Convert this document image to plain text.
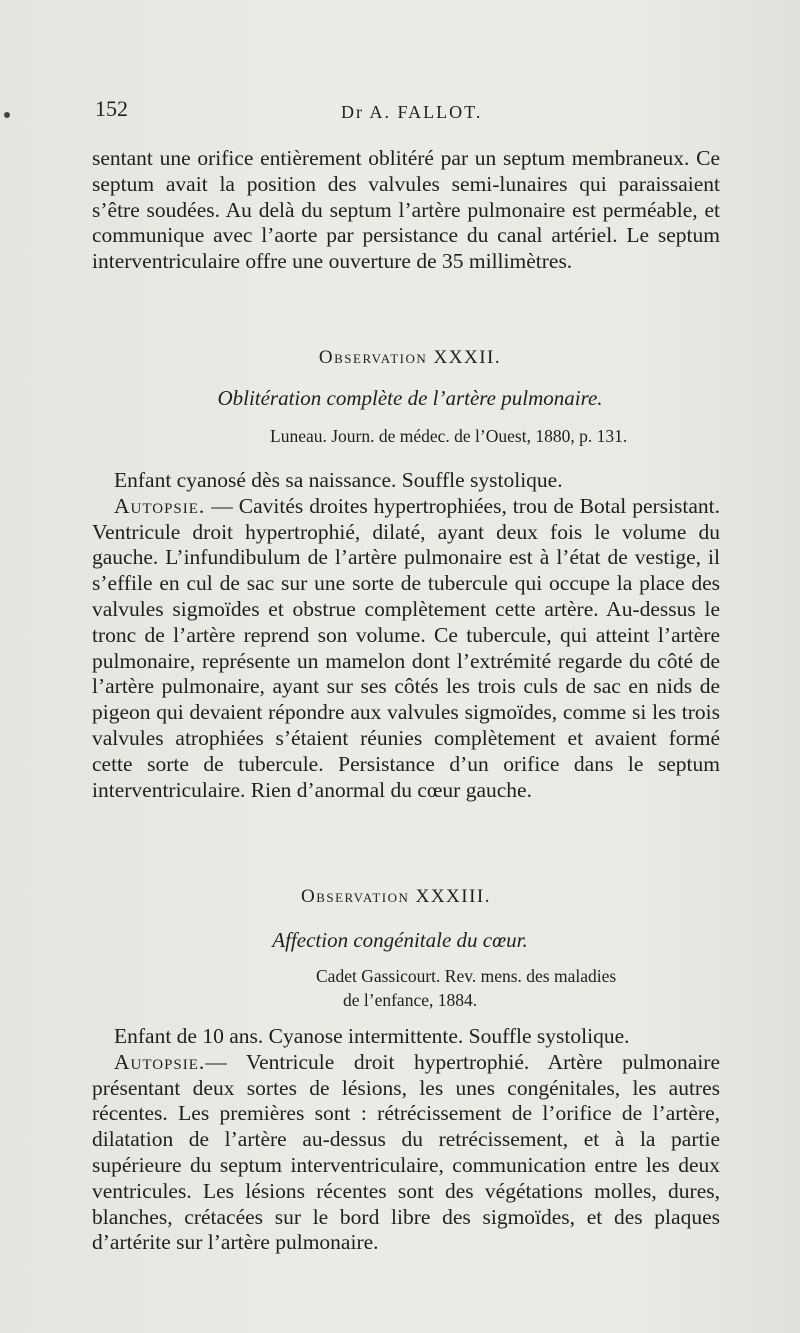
152	Dr A. FALLOT.

sentant une orifice entièrement oblitéré par un septum membraneux. Ce septum avait la position des valvules semi-lunaires qui paraissaient s’être soudées. Au delà du septum l’artère pulmonaire est perméable, et communique avec l’aorte par persistance du canal artériel. Le septum interventriculaire offre une ouverture de 35 millimètres.

Observation XXXII.
Oblitération complète de l’artère pulmonaire.
Luneau. Journ. de médec. de l’Ouest, 1880, p. 131.

Enfant cyanosé dès sa naissance. Souffle systolique.

Autopsie. — Cavités droites hypertrophiées, trou de Botal persistant. Ventricule droit hypertrophié, dilaté, ayant deux fois le volume du gauche. L’infundibulum de l’artère pulmonaire est à l’état de vestige, il s’effile en cul de sac sur une sorte de tubercule qui occupe la place des valvules sigmoïdes et obstrue complètement cette artère. Au-dessus le tronc de l’artère reprend son volume. Ce tubercule, qui atteint l’artère pulmonaire, représente un mamelon dont l’extrémité regarde du côté de l’artère pulmonaire, ayant sur ses côtés les trois culs de sac en nids de pigeon qui devaient répondre aux valvules sigmoïdes, comme si les trois valvules atrophiées s’étaient réunies complètement et avaient formé cette sorte de tubercule. Persistance d’un orifice dans le septum interventriculaire. Rien d’anormal du cœur gauche.

Observation XXXIII.
Affection congénitale du cœur.
Cadet Gassicourt. Rev. mens. des maladies
de l’enfance, 1884.

Enfant de 10 ans. Cyanose intermittente. Souffle systolique.

Autopsie.— Ventricule droit hypertrophié. Artère pulmonaire présentant deux sortes de lésions, les unes congénitales, les autres récentes. Les premières sont : rétrécissement de l’orifice de l’artère, dilatation de l’artère au-dessus du retrécissement, et à la partie supérieure du septum interventriculaire, communication entre les deux ventricules. Les lésions récentes sont des végétations molles, dures, blanches, crétacées sur le bord libre des sigmoïdes, et des plaques d’artérite sur l’artère pulmonaire.
